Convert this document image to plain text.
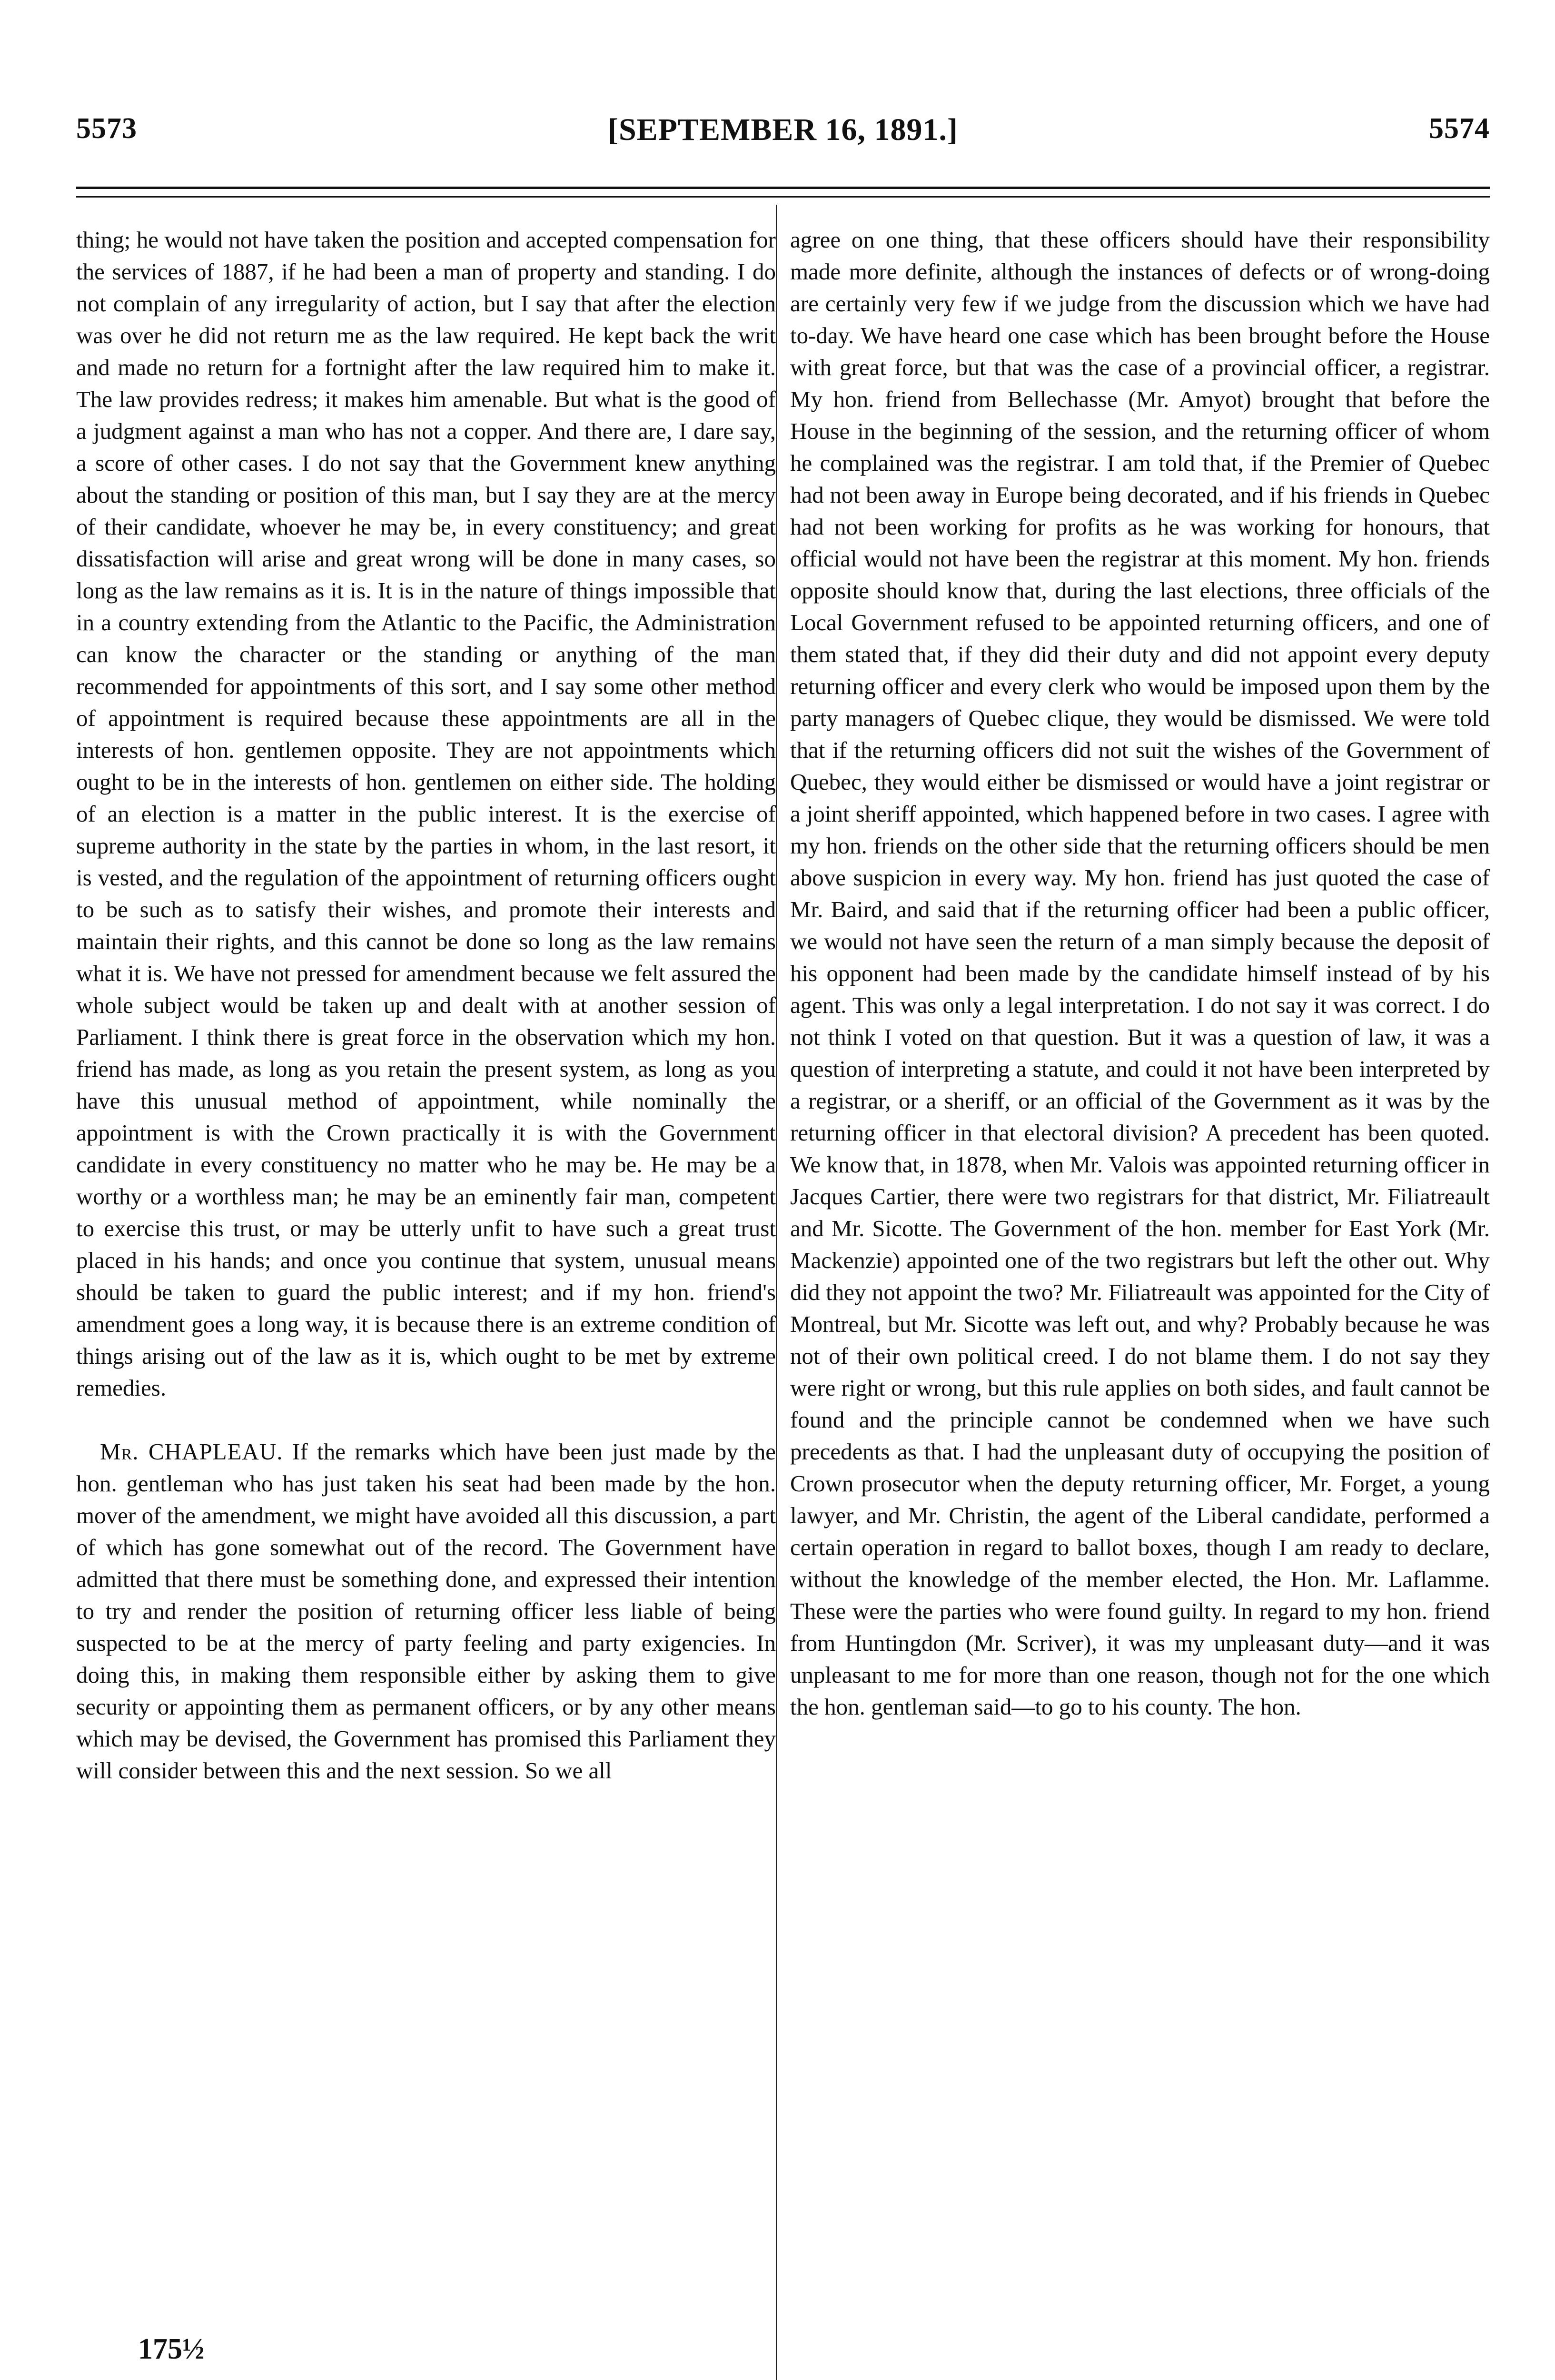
5573	[SEPTEMBER 16, 1891.]	5574

thing; he would not have taken the position and accepted compensation for the services of 1887, if he had been a man of property and standing. I do not complain of any irregularity of action, but I say that after the election was over he did not return me as the law required. He kept back the writ and made no return for a fortnight after the law required him to make it. The law provides redress; it makes him amenable. But what is the good of a judgment against a man who has not a copper. And there are, I dare say, a score of other cases. I do not say that the Government knew anything about the standing or position of this man, but I say they are at the mercy of their candidate, whoever he may be, in every constituency; and great dissatisfaction will arise and great wrong will be done in many cases, so long as the law remains as it is. It is in the nature of things impossible that in a country extending from the Atlantic to the Pacific, the Administration can know the character or the standing or anything of the man recommended for appointments of this sort, and I say some other method of appointment is required because these appointments are all in the interests of hon. gentlemen opposite. They are not appointments which ought to be in the interests of hon. gentlemen on either side. The holding of an election is a matter in the public interest. It is the exercise of supreme authority in the state by the parties in whom, in the last resort, it is vested, and the regulation of the appointment of returning officers ought to be such as to satisfy their wishes, and promote their interests and maintain their rights, and this cannot be done so long as the law remains what it is. We have not pressed for amendment because we felt assured the whole subject would be taken up and dealt with at another session of Parliament. I think there is great force in the observation which my hon. friend has made, as long as you retain the present system, as long as you have this unusual method of appointment, while nominally the appointment is with the Crown practically it is with the Government candidate in every constituency no matter who he may be. He may be a worthy or a worthless man; he may be an eminently fair man, competent to exercise this trust, or may be utterly unfit to have such a great trust placed in his hands; and once you continue that system, unusual means should be taken to guard the public interest; and if my hon. friend's amendment goes a long way, it is because there is an extreme condition of things arising out of the law as it is, which ought to be met by extreme remedies.

Mr. CHAPLEAU. If the remarks which have been just made by the hon. gentleman who has just taken his seat had been made by the hon. mover of the amendment, we might have avoided all this discussion, a part of which has gone somewhat out of the record. The Government have admitted that there must be something done, and expressed their intention to try and render the position of returning officer less liable of being suspected to be at the mercy of party feeling and party exigencies. In doing this, in making them responsible either by asking them to give security or appointing them as permanent officers, or by any other means which may be devised, the Government has promised this Parliament they will consider between this and the next session. So we all

agree on one thing, that these officers should have their responsibility made more definite, although the instances of defects or of wrong-doing are certainly very few if we judge from the discussion which we have had to-day. We have heard one case which has been brought before the House with great force, but that was the case of a provincial officer, a registrar. My hon. friend from Bellechasse (Mr. Amyot) brought that before the House in the beginning of the session, and the returning officer of whom he complained was the registrar. I am told that, if the Premier of Quebec had not been away in Europe being decorated, and if his friends in Quebec had not been working for profits as he was working for honours, that official would not have been the registrar at this moment. My hon. friends opposite should know that, during the last elections, three officials of the Local Government refused to be appointed returning officers, and one of them stated that, if they did their duty and did not appoint every deputy returning officer and every clerk who would be imposed upon them by the party managers of Quebec clique, they would be dismissed. We were told that if the returning officers did not suit the wishes of the Government of Quebec, they would either be dismissed or would have a joint registrar or a joint sheriff appointed, which happened before in two cases. I agree with my hon. friends on the other side that the returning officers should be men above suspicion in every way. My hon. friend has just quoted the case of Mr. Baird, and said that if the returning officer had been a public officer, we would not have seen the return of a man simply because the deposit of his opponent had been made by the candidate himself instead of by his agent. This was only a legal interpretation. I do not say it was correct. I do not think I voted on that question. But it was a question of law, it was a question of interpreting a statute, and could it not have been interpreted by a registrar, or a sheriff, or an official of the Government as it was by the returning officer in that electoral division? A precedent has been quoted. We know that, in 1878, when Mr. Valois was appointed returning officer in Jacques Cartier, there were two registrars for that district, Mr. Filiatreault and Mr. Sicotte. The Government of the hon. member for East York (Mr. Mackenzie) appointed one of the two registrars but left the other out. Why did they not appoint the two? Mr. Filiatreault was appointed for the City of Montreal, but Mr. Sicotte was left out, and why? Probably because he was not of their own political creed. I do not blame them. I do not say they were right or wrong, but this rule applies on both sides, and fault cannot be found and the principle cannot be condemned when we have such precedents as that. I had the unpleasant duty of occupying the position of Crown prosecutor when the deputy returning officer, Mr. Forget, a young lawyer, and Mr. Christin, the agent of the Liberal candidate, performed a certain operation in regard to ballot boxes, though I am ready to declare, without the knowledge of the member elected, the Hon. Mr. Laflamme. These were the parties who were found guilty. In regard to my hon. friend from Huntingdon (Mr. Scriver), it was my unpleasant duty—and it was unpleasant to me for more than one reason, though not for the one which the hon. gentleman said—to go to his county. The hon.

175½
